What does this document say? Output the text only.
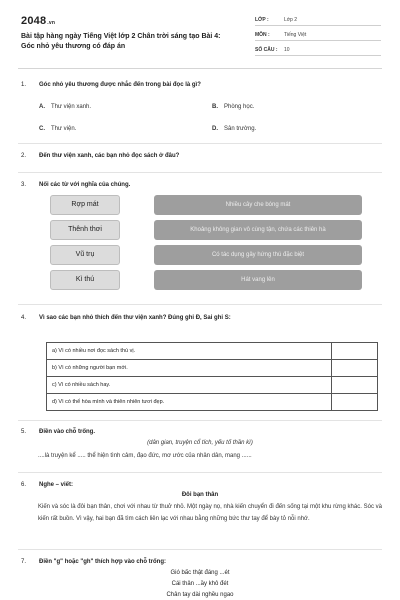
2048.vn
Bài tập hàng ngày Tiếng Việt lớp 2 Chân trời sáng tạo Bài 4: Góc nhỏ yêu thương có đáp án
LỚP :	Lớp 2
MÔN :	Tiếng Việt
SỐ CÂU : 10
1. Góc nhỏ yêu thương được nhắc đến trong bài đọc là gì?
A. Thư viện xanh.	B. Phòng học.
C. Thư viện.	D. Sân trường.
2. Đến thư viện xanh, các bạn nhỏ đọc sách ở đâu?
3. Nối các từ với nghĩa của chúng.
Rợp mát
Thênh thơi
Vũ trụ
Kì thú
Nhiều cây che bóng mát
Khoảng không gian vô cùng tận, chứa các thiên hà
Có tác dụng gây hứng thú đặc biệt
Hát vang lên
4. Vì sao các bạn nhỏ thích đến thư viện xanh? Đúng ghi Đ, Sai ghi S:
a) Vì có nhiều nơi đọc sách thú vị.	
b) Vì có những người bạn mới.	
c) Vì có nhiều sách hay.	
d) Vì có thể hòa mình và thiên nhiên tươi đẹp.	
5. Điền vào chỗ trống.
(dân gian, truyện cổ tích, yếu tố thần kì)
....là truyện kể ..... thể hiện tình cảm, đạo đức, mơ ước của nhân dân, mang ......
6. Nghe – viết:
Đôi bạn thân
Kiến và sóc là đôi bạn thân, chơi với nhau từ thuở nhỏ. Một ngày nọ, nhà kiến chuyển đi đến sống tại một khu rừng khác. Sóc và kiến rất buồn. Vì vậy, hai bạn đã tìm cách liên lạc với nhau bằng những bức thư tay để bày tỏ nỗi nhớ.
7. Điền "g" hoặc "gh" thích hợp vào chỗ trống:
Gió bấc thật đáng ...ét
Cái thân ...ầy khô đét
Chân tay dài nghều ngao
